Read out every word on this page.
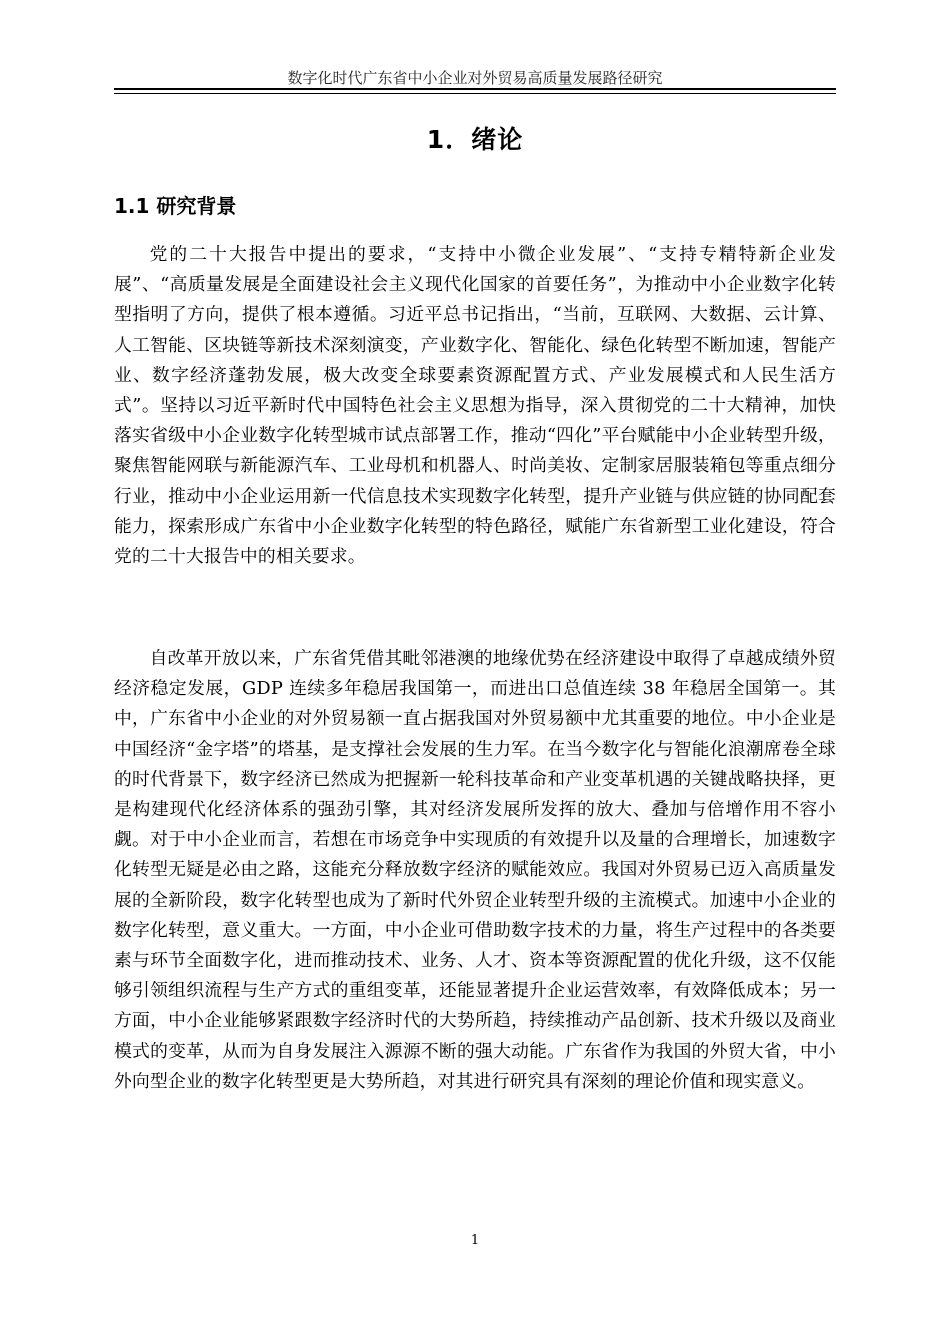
数字化时代广东省中小企业对外贸易高质量发展路径研究
1．绪论
1.1 研究背景

党的二十大报告中提出的要求，“支持中小微企业发展”、“支持专精特新企业发展”、“高质量发展是全面建设社会主义现代化国家的首要任务”，为推动中小企业数字化转型指明了方向，提供了根本遵循。习近平总书记指出，“当前，互联网、大数据、云计算、人工智能、区块链等新技术深刻演变，产业数字化、智能化、绿色化转型不断加速，智能产业、数字经济蓬勃发展，极大改变全球要素资源配置方式、产业发展模式和人民生活方式”。坚持以习近平新时代中国特色社会主义思想为指导，深入贯彻党的二十大精神，加快落实省级中小企业数字化转型城市试点部署工作，推动“四化”平台赋能中小企业转型升级，聚焦智能网联与新能源汽车、工业母机和机器人、时尚美妆、定制家居服装箱包等重点细分行业，推动中小企业运用新一代信息技术实现数字化转型，提升产业链与供应链的协同配套能力，探索形成广东省中小企业数字化转型的特色路径，赋能广东省新型工业化建设，符合党的二十大报告中的相关要求。

自改革开放以来，广东省凭借其毗邻港澳的地缘优势在经济建设中取得了卓越成绩外贸经济稳定发展，GDP 连续多年稳居我国第一，而进出口总值连续 38 年稳居全国第一。其中，广东省中小企业的对外贸易额一直占据我国对外贸易额中尤其重要的地位。中小企业是中国经济“金字塔”的塔基，是支撑社会发展的生力军。在当今数字化与智能化浪潮席卷全球的时代背景下，数字经济已然成为把握新一轮科技革命和产业变革机遇的关键战略抉择，更是构建现代化经济体系的强劲引擎，其对经济发展所发挥的放大、叠加与倍增作用不容小觑。对于中小企业而言，若想在市场竞争中实现质的有效提升以及量的合理增长，加速数字化转型无疑是必由之路，这能充分释放数字经济的赋能效应。我国对外贸易已迈入高质量发展的全新阶段，数字化转型也成为了新时代外贸企业转型升级的主流模式。加速中小企业的数字化转型，意义重大。一方面，中小企业可借助数字技术的力量，将生产过程中的各类要素与环节全面数字化，进而推动技术、业务、人才、资本等资源配置的优化升级，这不仅能够引领组织流程与生产方式的重组变革，还能显著提升企业运营效率，有效降低成本；另一方面，中小企业能够紧跟数字经济时代的大势所趋，持续推动产品创新、技术升级以及商业模式的变革，从而为自身发展注入源源不断的强大动能。广东省作为我国的外贸大省，中小外向型企业的数字化转型更是大势所趋，对其进行研究具有深刻的理论价值和现实意义。

1
